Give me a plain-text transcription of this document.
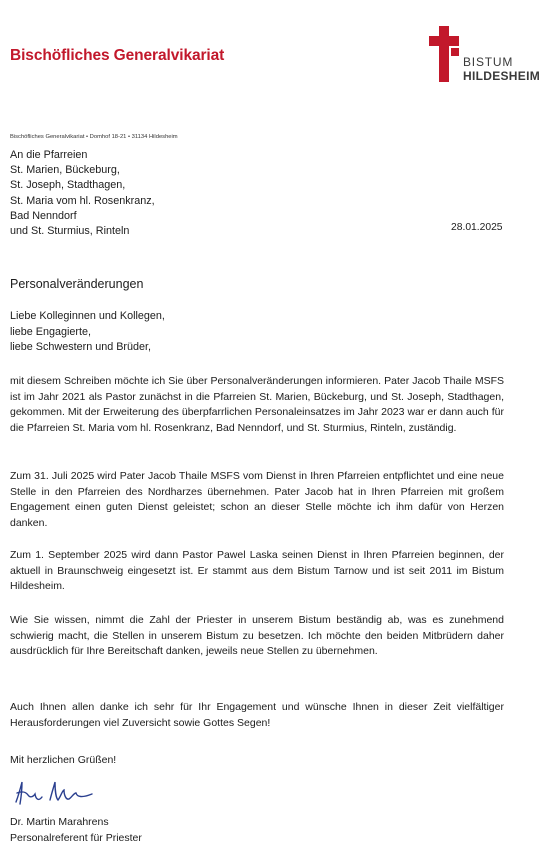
Bischöfliches Generalvikariat	BISTUM
HILDESHEIM
Bischöfliches Generalvikariat • Domhof 18-21 • 31134 Hildesheim
An die Pfarreien
St. Marien, Bückeburg,
St. Joseph, Stadthagen,
St. Maria vom hl. Rosenkranz,
Bad Nenndorf
und St. Sturmius, Rinteln	28.01.2025
Personalveränderungen
Liebe Kolleginnen und Kollegen,
liebe Engagierte,
liebe Schwestern und Brüder,
mit diesem Schreiben möchte ich Sie über Personalveränderungen informieren. Pater Jacob Thaile MSFS ist im Jahr 2021 als Pastor zunächst in die Pfarreien St. Marien, Bückeburg, und St. Joseph, Stadthagen, gekommen. Mit der Erweiterung des überpfarrlichen Personaleinsatzes im Jahr 2023 war er dann auch für die Pfarreien St. Maria vom hl. Rosenkranz, Bad Nenndorf, und St. Sturmius, Rinteln, zuständig.
Zum 31. Juli 2025 wird Pater Jacob Thaile MSFS vom Dienst in Ihren Pfarreien entpflichtet und eine neue Stelle in den Pfarreien des Nordharzes übernehmen. Pater Jacob hat in Ihren Pfarreien mit großem Engagement einen guten Dienst geleistet; schon an dieser Stelle möchte ich ihm dafür von Herzen danken.
Zum 1. September 2025 wird dann Pastor Pawel Laska seinen Dienst in Ihren Pfarreien beginnen, der aktuell in Braunschweig eingesetzt ist. Er stammt aus dem Bistum Tarnow und ist seit 2011 im Bistum Hildesheim.
Wie Sie wissen, nimmt die Zahl der Priester in unserem Bistum beständig ab, was es zunehmend schwierig macht, die Stellen in unserem Bistum zu besetzen. Ich möchte den beiden Mitbrüdern daher ausdrücklich für Ihre Bereitschaft danken, jeweils neue Stellen zu übernehmen.
Auch Ihnen allen danke ich sehr für Ihr Engagement und wünsche Ihnen in dieser Zeit vielfältiger Herausforderungen viel Zuversicht sowie Gottes Segen!
Mit herzlichen Grüßen!
Dr. Martin Marahrens
Personalreferent für Priester
